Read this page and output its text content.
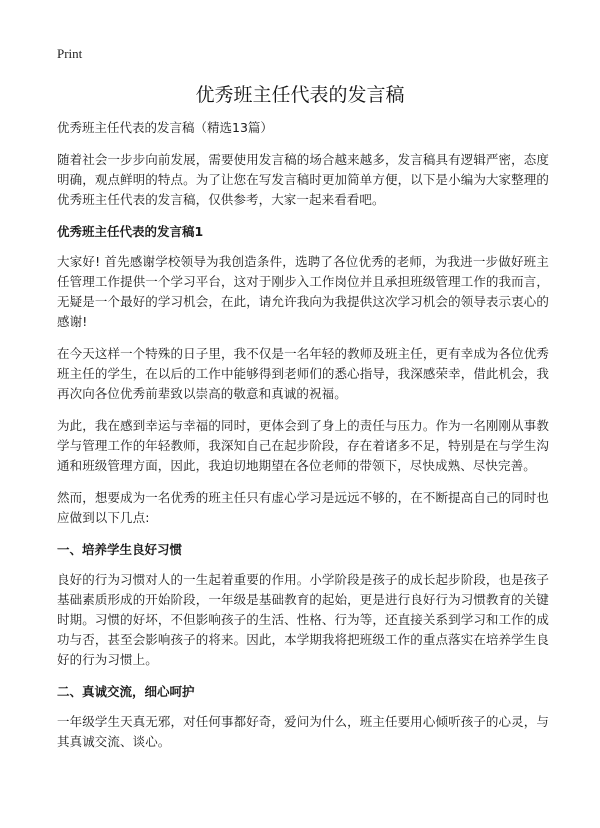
Print
优秀班主任代表的发言稿

优秀班主任代表的发言稿（精选13篇）

随着社会一步步向前发展，需要使用发言稿的场合越来越多，发言稿具有逻辑严密，态度明确，观点鲜明的特点。为了让您在写发言稿时更加简单方便，以下是小编为大家整理的优秀班主任代表的发言稿，仅供参考，大家一起来看看吧。

优秀班主任代表的发言稿1

大家好! 首先感谢学校领导为我创造条件，选聘了各位优秀的老师，为我进一步做好班主任管理工作提供一个学习平台，这对于刚步入工作岗位并且承担班级管理工作的我而言，无疑是一个最好的学习机会，在此，请允许我向为我提供这次学习机会的领导表示衷心的感谢!

在今天这样一个特殊的日子里，我不仅是一名年轻的教师及班主任，更有幸成为各位优秀班主任的学生，在以后的工作中能够得到老师们的悉心指导，我深感荣幸，借此机会，我再次向各位优秀前辈致以崇高的敬意和真诚的祝福。

为此，我在感到幸运与幸福的同时，更体会到了身上的责任与压力。作为一名刚刚从事教学与管理工作的年轻教师，我深知自己在起步阶段，存在着诸多不足，特别是在与学生沟通和班级管理方面，因此，我迫切地期望在各位老师的带领下，尽快成熟、尽快完善。

然而，想要成为一名优秀的班主任只有虚心学习是远远不够的，在不断提高自己的同时也应做到以下几点:

一、培养学生良好习惯

良好的行为习惯对人的一生起着重要的作用。小学阶段是孩子的成长起步阶段，也是孩子基础素质形成的开始阶段，一年级是基础教育的起始，更是进行良好行为习惯教育的关键时期。习惯的好坏，不但影响孩子的生活、性格、行为等，还直接关系到学习和工作的成功与否，甚至会影响孩子的将来。因此，本学期我将把班级工作的重点落实在培养学生良好的行为习惯上。

二、真诚交流，细心呵护

一年级学生天真无邪，对任何事都好奇，爱问为什么，班主任要用心倾听孩子的心灵，与其真诚交流、谈心。
